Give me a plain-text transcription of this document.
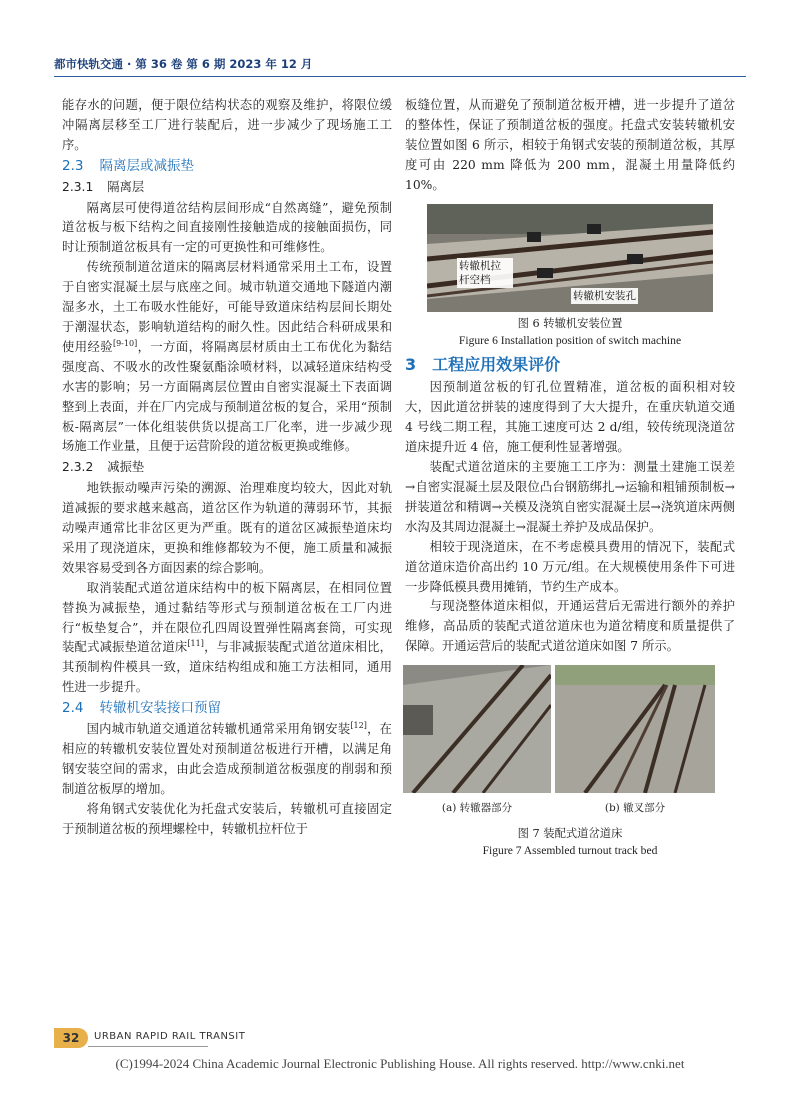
都市快轨交通 · 第 36 卷 第 6 期 2023 年 12 月

能存水的问题，便于限位结构状态的观察及维护，将限位缓冲隔离层移至工厂进行装配后，进一步减少了现场施工工序。

2.3 隔离层或减振垫
2.3.1 隔离层

隔离层可使得道岔结构层间形成“自然离缝”，避免预制道岔板与板下结构之间直接刚性接触造成的接触面损伤，同时让预制道岔板具有一定的可更换性和可维修性。

传统预制道岔道床的隔离层材料通常采用土工布，设置于自密实混凝土层与底座之间。城市轨道交通地下隧道内潮湿多水，土工布吸水性能好，可能导致道床结构层间长期处于潮湿状态，影响轨道结构的耐久性。因此结合科研成果和使用经验[9-10]，一方面，将隔离层材质由土工布优化为黏结强度高、不吸水的改性聚氨酯涂喷材料，以减轻道床结构受水害的影响；另一方面隔离层位置由自密实混凝土下表面调整到上表面，并在厂内完成与预制道岔板的复合，采用“预制板-隔离层”一体化组装供货以提高工厂化率，进一步减少现场施工作业量，且便于运营阶段的道岔板更换或维修。

2.3.2 减振垫

地铁振动噪声污染的溯源、治理难度均较大，因此对轨道减振的要求越来越高，道岔区作为轨道的薄弱环节，其振动噪声通常比非岔区更为严重。既有的道岔区减振垫道床均采用了现浇道床，更换和维修都较为不便，施工质量和减振效果容易受到各方面因素的综合影响。

取消装配式道岔道床结构中的板下隔离层，在相同位置替换为减振垫，通过黏结等形式与预制道岔板在工厂内进行“板垫复合”，并在限位孔四周设置弹性隔离套筒，可实现装配式减振垫道岔道床[11]，与非减振装配式道岔道床相比，其预制构件模具一致，道床结构组成和施工方法相同，通用性进一步提升。

2.4 转辙机安装接口预留

国内城市轨道交通道岔转辙机通常采用角钢安装[12]，在相应的转辙机安装位置处对预制道岔板进行开槽，以满足角钢安装空间的需求，由此会造成预制道岔板强度的削弱和预制道岔板厚的增加。

将角钢式安装优化为托盘式安装后，转辙机可直接固定于预制道岔板的预埋螺栓中，转辙机拉杆位于

板缝位置，从而避免了预制道岔板开槽，进一步提升了道岔的整体性，保证了预制道岔板的强度。托盘式安装转辙机安装位置如图 6 所示，相较于角钢式安装的预制道岔板，其厚度可由 220 mm 降低为 200 mm，混凝土用量降低约 10%。

转辙机拉杆空档
转辙机安装孔
图 6 转辙机安装位置
Figure 6 Installation position of switch machine
3 工程应用效果评价

因预制道岔板的钉孔位置精准，道岔板的面积相对较大，因此道岔拼装的速度得到了大大提升，在重庆轨道交通 4 号线二期工程，其施工速度可达 2 d/组，较传统现浇道岔道床提升近 4 倍，施工便利性显著增强。

装配式道岔道床的主要施工工序为：测量土建施工误差→自密实混凝土层及限位凸台钢筋绑扎→运输和粗铺预制板→拼装道岔和精调→关模及浇筑自密实混凝土层→浇筑道床两侧水沟及其周边混凝土→混凝土养护及成品保护。

相较于现浇道床，在不考虑模具费用的情况下，装配式道岔道床造价高出约 10 万元/组。在大规模使用条件下可进一步降低模具费用摊销，节约生产成本。

与现浇整体道床相似，开通运营后无需进行额外的养护维修，高品质的装配式道岔道床也为道岔精度和质量提供了保障。开通运营后的装配式道岔道床如图 7 所示。

(a) 转辙器部分	(b) 辙叉部分
图 7 装配式道岔道床
Figure 7 Assembled turnout track bed
32	URBAN RAPID RAIL TRANSIT
(C)1994-2024 China Academic Journal Electronic Publishing House. All rights reserved. http://www.cnki.net
